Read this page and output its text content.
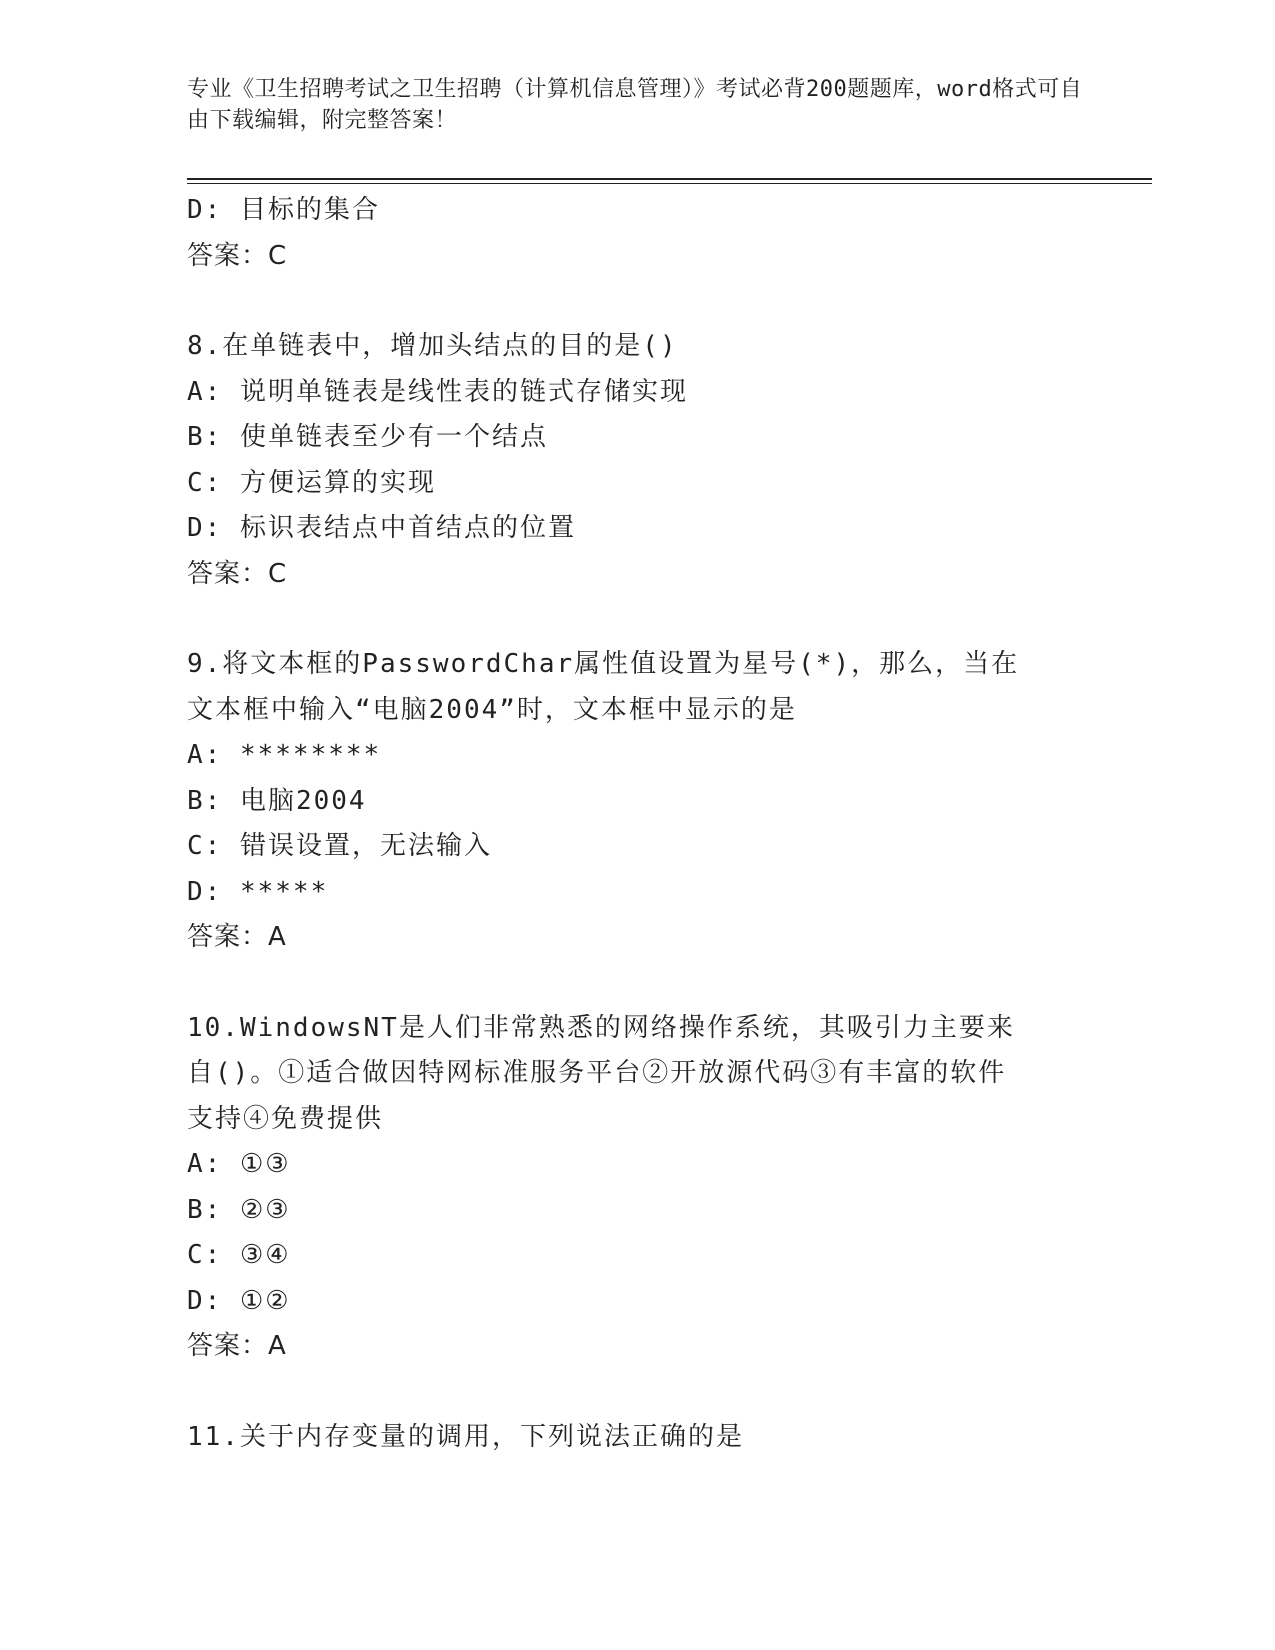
专业《卫生招聘考试之卫生招聘（计算机信息管理）》考试必背200题题库，word格式可自由下载编辑，附完整答案！
D: 目标的集合
答案：C
8.在单链表中，增加头结点的目的是()
A: 说明单链表是线性表的链式存储实现
B: 使单链表至少有一个结点
C: 方便运算的实现
D: 标识表结点中首结点的位置
答案：C
9.将文本框的PasswordChar属性值设置为星号(*)，那么，当在文本框中输入“电脑2004”时，文本框中显示的是
A: ********
B: 电脑2004
C: 错误设置，无法输入
D: *****
答案：A
10.WindowsNT是人们非常熟悉的网络操作系统，其吸引力主要来自()。①适合做因特网标准服务平台②开放源代码③有丰富的软件支持④免费提供
A: ①③
B: ②③
C: ③④
D: ①②
答案：A
11.关于内存变量的调用，下列说法正确的是
